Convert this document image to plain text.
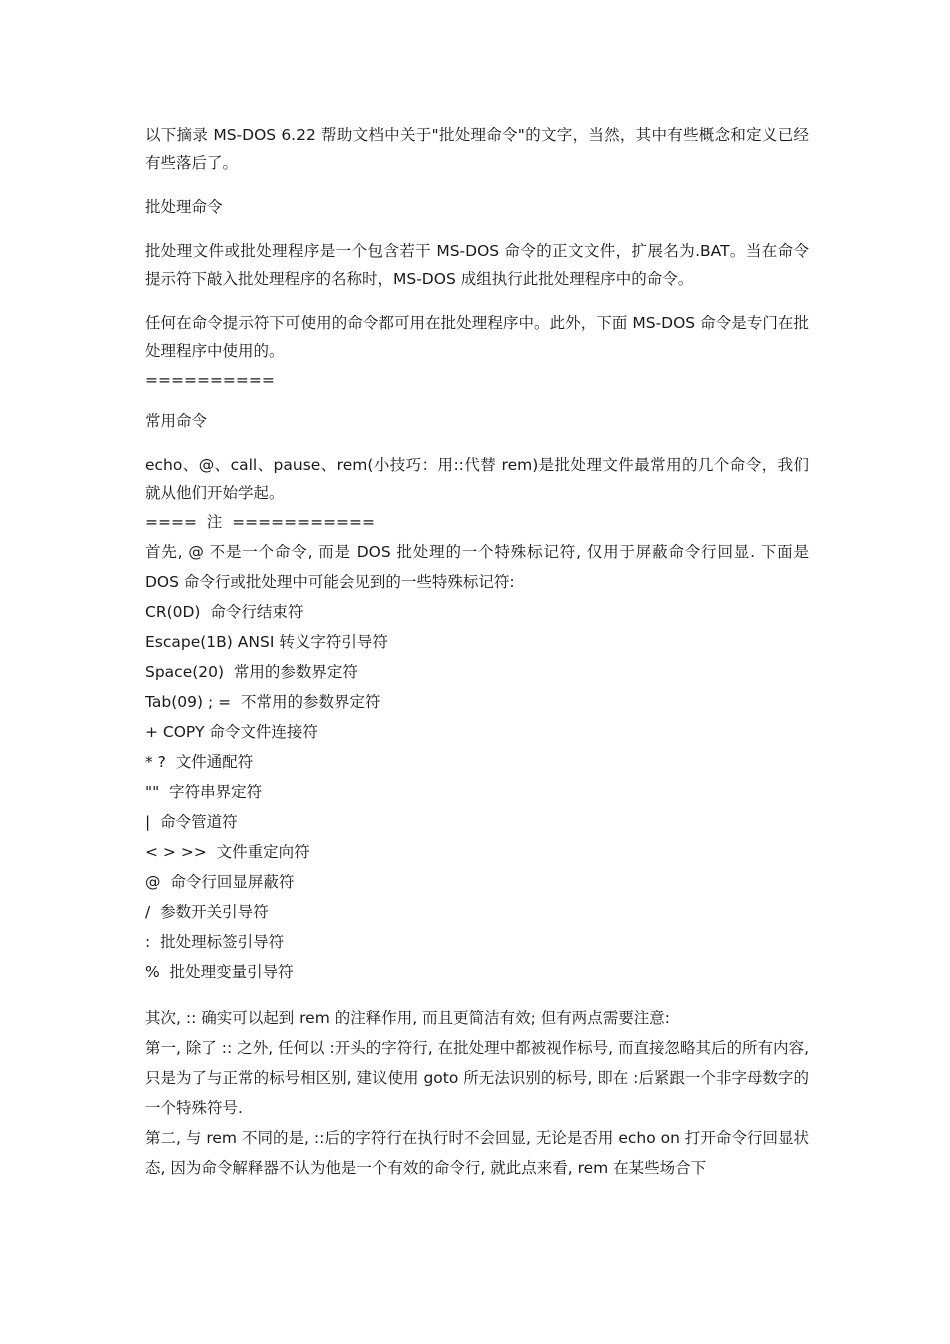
以下摘录 MS-DOS 6.22 帮助文档中关于"批处理命令"的文字，当然，其中有些概念和定义已经有些落后了。

批处理命令

批处理文件或批处理程序是一个包含若干 MS-DOS 命令的正文文件，扩展名为.BAT。当在命令提示符下敲入批处理程序的名称时，MS-DOS 成组执行此批处理程序中的命令。

任何在命令提示符下可使用的命令都可用在批处理程序中。此外，下面 MS-DOS 命令是专门在批处理程序中使用的。

==========

常用命令

echo、@、call、pause、rem(小技巧：用::代替 rem)是批处理文件最常用的几个命令，我们就从他们开始学起。

====  注  ===========

首先, @ 不是一个命令, 而是 DOS 批处理的一个特殊标记符, 仅用于屏蔽命令行回显. 下面是 DOS 命令行或批处理中可能会见到的一些特殊标记符:

CR(0D)  命令行结束符

Escape(1B) ANSI 转义字符引导符

Space(20)  常用的参数界定符

Tab(09) ; =  不常用的参数界定符

+ COPY 命令文件连接符

* ?  文件通配符

""  字符串界定符

|  命令管道符

< > >>  文件重定向符

@  命令行回显屏蔽符

/  参数开关引导符

:  批处理标签引导符

%  批处理变量引导符

其次, :: 确实可以起到 rem 的注释作用, 而且更简洁有效; 但有两点需要注意:

第一, 除了 :: 之外, 任何以 :开头的字符行, 在批处理中都被视作标号, 而直接忽略其后的所有内容, 只是为了与正常的标号相区别, 建议使用 goto 所无法识别的标号, 即在 :后紧跟一个非字母数字的一个特殊符号.

第二, 与 rem 不同的是, ::后的字符行在执行时不会回显, 无论是否用 echo on 打开命令行回显状态, 因为命令解释器不认为他是一个有效的命令行, 就此点来看, rem 在某些场合下
